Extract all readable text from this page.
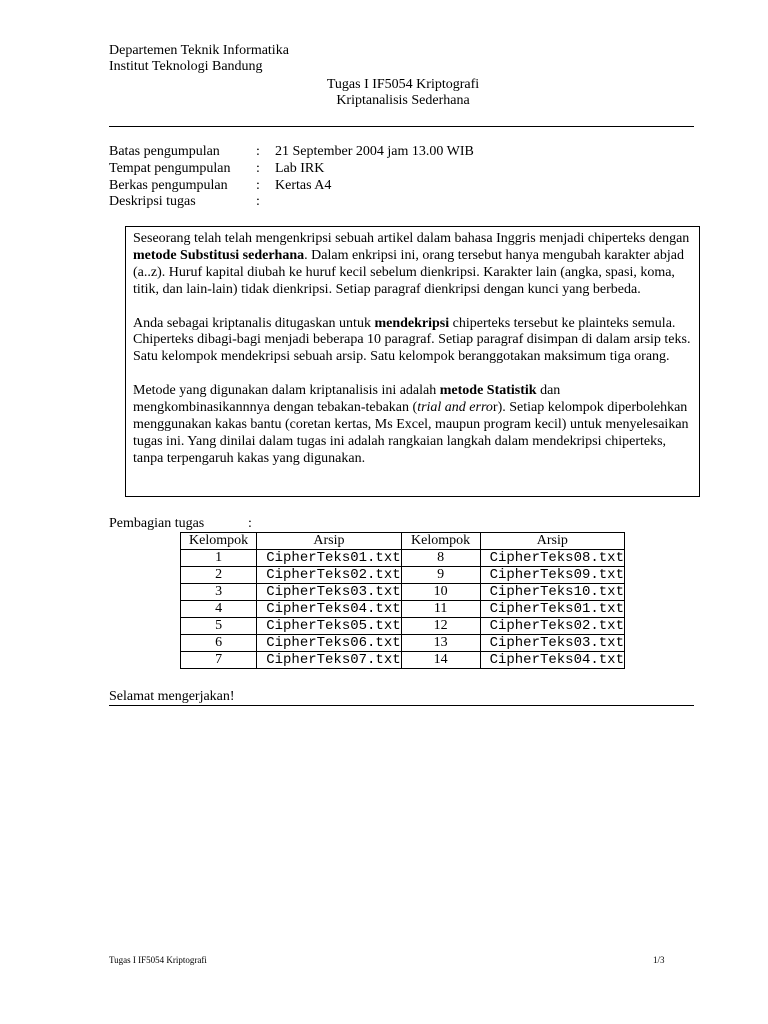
Departemen Teknik Informatika
Institut Teknologi Bandung
Tugas I IF5054 Kriptografi
Kriptanalisis Sederhana
Batas pengumpulan	: 21 September 2004 jam 13.00 WIB
Tempat pengumpulan : Lab IRK
Berkas pengumpulan : Kertas A4
Deskripsi tugas	:

Seseorang telah telah mengenkripsi sebuah artikel dalam bahasa Inggris menjadi chiperteks dengan metode Substitusi sederhana. Dalam enkripsi ini, orang tersebut hanya mengubah karakter abjad (a..z). Huruf kapital diubah ke huruf kecil sebelum dienkripsi. Karakter lain (angka, spasi, koma, titik, dan lain-lain) tidak dienkripsi. Setiap paragraf dienkripsi dengan kunci yang berbeda.

Anda sebagai kriptanalis ditugaskan untuk mendekripsi chiperteks tersebut ke plainteks semula. Chiperteks dibagi-bagi menjadi beberapa 10 paragraf. Setiap paragraf disimpan di dalam arsip teks. Satu kelompok mendekripsi sebuah arsip. Satu kelompok beranggotakan maksimum tiga orang.

Metode yang digunakan dalam kriptanalisis ini adalah metode Statistik dan mengkombinasikannnya dengan tebakan-tebakan (trial and error). Setiap kelompok diperbolehkan menggunakan kakas bantu (coretan kertas, Ms Excel, maupun program kecil) untuk menyelesaikan tugas ini. Yang dinilai dalam tugas ini adalah rangkaian langkah dalam mendekripsi chiperteks, tanpa terpengaruh kakas yang digunakan.

Pembagian tugas	:
Kelompok	Arsip	Kelompok	Arsip
1	CipherTeks01.txt	8	CipherTeks08.txt
2	CipherTeks02.txt	9	CipherTeks09.txt
3	CipherTeks03.txt	10	CipherTeks10.txt
4	CipherTeks04.txt	11	CipherTeks01.txt
5	CipherTeks05.txt	12	CipherTeks02.txt
6	CipherTeks06.txt	13	CipherTeks03.txt
7	CipherTeks07.txt	14	CipherTeks04.txt
Selamat mengerjakan!
Tugas I IF5054 Kriptografi	1/3
